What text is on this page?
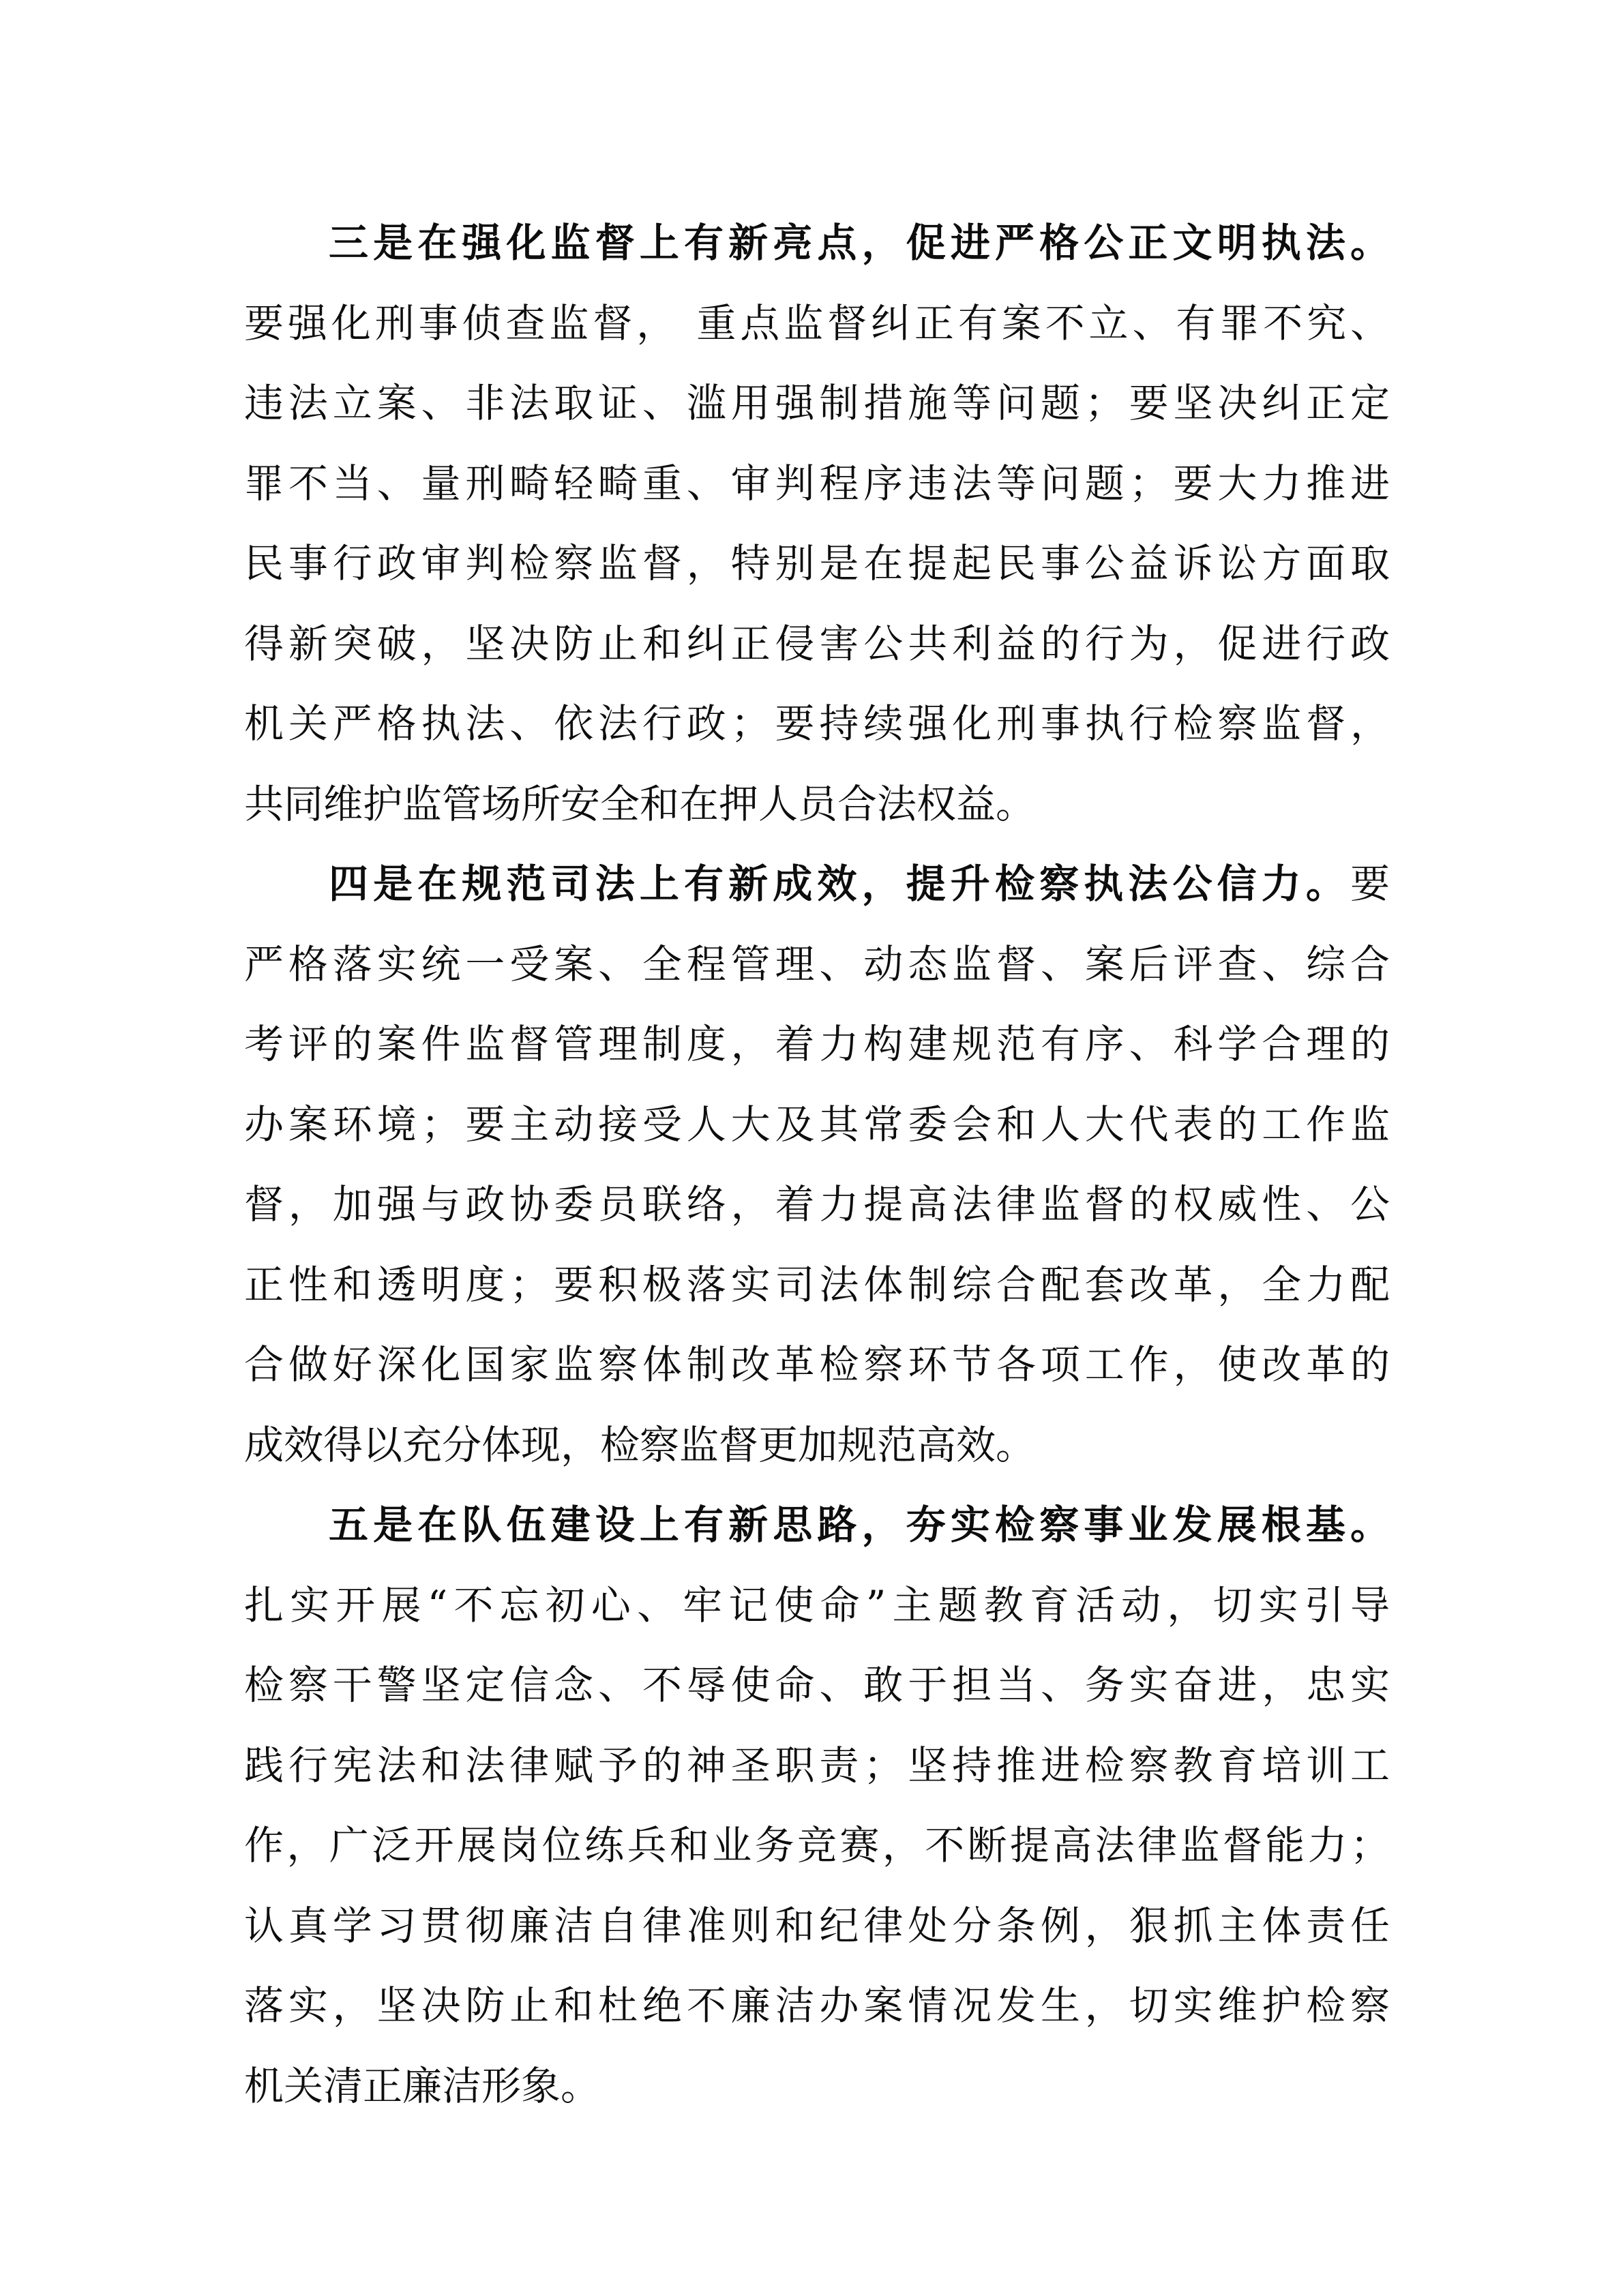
三是在强化监督上有新亮点，促进严格公正文明执法。
要强化刑事侦查监督， 重点监督纠正有案不立、有罪不究、
违法立案、非法取证、滥用强制措施等问题；要坚决纠正定
罪不当、量刑畸轻畸重、审判程序违法等问题；要大力推进
民事行政审判检察监督，特别是在提起民事公益诉讼方面取
得新突破，坚决防止和纠正侵害公共利益的行为，促进行政
机关严格执法、依法行政；要持续强化刑事执行检察监督，
共同维护监管场所安全和在押人员合法权益。
四是在规范司法上有新成效，提升检察执法公信力。要
严格落实统一受案、全程管理、动态监督、案后评查、综合
考评的案件监督管理制度，着力构建规范有序、科学合理的
办案环境；要主动接受人大及其常委会和人大代表的工作监
督，加强与政协委员联络，着力提高法律监督的权威性、公
正性和透明度；要积极落实司法体制综合配套改革，全力配
合做好深化国家监察体制改革检察环节各项工作，使改革的
成效得以充分体现，检察监督更加规范高效。
五是在队伍建设上有新思路，夯实检察事业发展根基。
扎实开展“不忘初心、牢记使命”主题教育活动，切实引导
检察干警坚定信念、不辱使命、敢于担当、务实奋进，忠实
践行宪法和法律赋予的神圣职责；坚持推进检察教育培训工
作，广泛开展岗位练兵和业务竞赛，不断提高法律监督能力；
认真学习贯彻廉洁自律准则和纪律处分条例，狠抓主体责任
落实，坚决防止和杜绝不廉洁办案情况发生，切实维护检察
机关清正廉洁形象。
